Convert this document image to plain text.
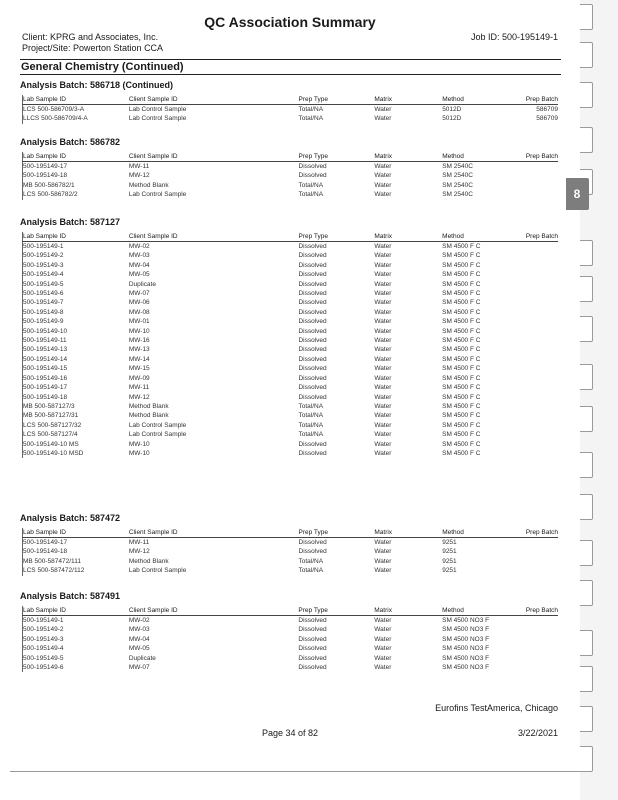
QC Association Summary
Client: KPRG and Associates, Inc.
Project/Site: Powerton Station CCA
Job ID: 500-195149-1
General Chemistry (Continued)
Analysis Batch: 586718 (Continued)
Lab Sample ID	Client Sample ID	Prep Type	Matrix	Method	Prep Batch
LCS 500-586709/3-A	Lab Control Sample	Total/NA	Water	5012D	586709
LLCS 500-586709/4-A	Lab Control Sample	Total/NA	Water	5012D	586709
Analysis Batch: 586782
Lab Sample ID	Client Sample ID	Prep Type	Matrix	Method	Prep Batch
500-195149-17	MW-11	Dissolved	Water	SM 2540C	
500-195149-18	MW-12	Dissolved	Water	SM 2540C	
MB 500-586782/1	Method Blank	Total/NA	Water	SM 2540C	
LCS 500-586782/2	Lab Control Sample	Total/NA	Water	SM 2540C	
Analysis Batch: 587127
Lab Sample ID	Client Sample ID	Prep Type	Matrix	Method	Prep Batch
500-195149-1	MW-02	Dissolved	Water	SM 4500 F C	
500-195149-2	MW-03	Dissolved	Water	SM 4500 F C	
500-195149-3	MW-04	Dissolved	Water	SM 4500 F C	
500-195149-4	MW-05	Dissolved	Water	SM 4500 F C	
500-195149-5	Duplicate	Dissolved	Water	SM 4500 F C	
500-195149-6	MW-07	Dissolved	Water	SM 4500 F C	
500-195149-7	MW-06	Dissolved	Water	SM 4500 F C	
500-195149-8	MW-08	Dissolved	Water	SM 4500 F C	
500-195149-9	MW-01	Dissolved	Water	SM 4500 F C	
500-195149-10	MW-10	Dissolved	Water	SM 4500 F C	
500-195149-11	MW-16	Dissolved	Water	SM 4500 F C	
500-195149-13	MW-13	Dissolved	Water	SM 4500 F C	
500-195149-14	MW-14	Dissolved	Water	SM 4500 F C	
500-195149-15	MW-15	Dissolved	Water	SM 4500 F C	
500-195149-16	MW-09	Dissolved	Water	SM 4500 F C	
500-195149-17	MW-11	Dissolved	Water	SM 4500 F C	
500-195149-18	MW-12	Dissolved	Water	SM 4500 F C	
MB 500-587127/3	Method Blank	Total/NA	Water	SM 4500 F C	
MB 500-587127/31	Method Blank	Total/NA	Water	SM 4500 F C	
LCS 500-587127/32	Lab Control Sample	Total/NA	Water	SM 4500 F C	
LCS 500-587127/4	Lab Control Sample	Total/NA	Water	SM 4500 F C	
500-195149-10 MS	MW-10	Dissolved	Water	SM 4500 F C	
500-195149-10 MSD	MW-10	Dissolved	Water	SM 4500 F C	
Analysis Batch: 587472
Lab Sample ID	Client Sample ID	Prep Type	Matrix	Method	Prep Batch
500-195149-17	MW-11	Dissolved	Water	9251	
500-195149-18	MW-12	Dissolved	Water	9251	
MB 500-587472/111	Method Blank	Total/NA	Water	9251	
LCS 500-587472/112	Lab Control Sample	Total/NA	Water	9251	
Analysis Batch: 587491
Lab Sample ID	Client Sample ID	Prep Type	Matrix	Method	Prep Batch
500-195149-1	MW-02	Dissolved	Water	SM 4500 NO3 F	
500-195149-2	MW-03	Dissolved	Water	SM 4500 NO3 F	
500-195149-3	MW-04	Dissolved	Water	SM 4500 NO3 F	
500-195149-4	MW-05	Dissolved	Water	SM 4500 NO3 F	
500-195149-5	Duplicate	Dissolved	Water	SM 4500 NO3 F	
500-195149-6	MW-07	Dissolved	Water	SM 4500 NO3 F	
Eurofins TestAmerica, Chicago
Page 34 of 82	3/22/2021
8
